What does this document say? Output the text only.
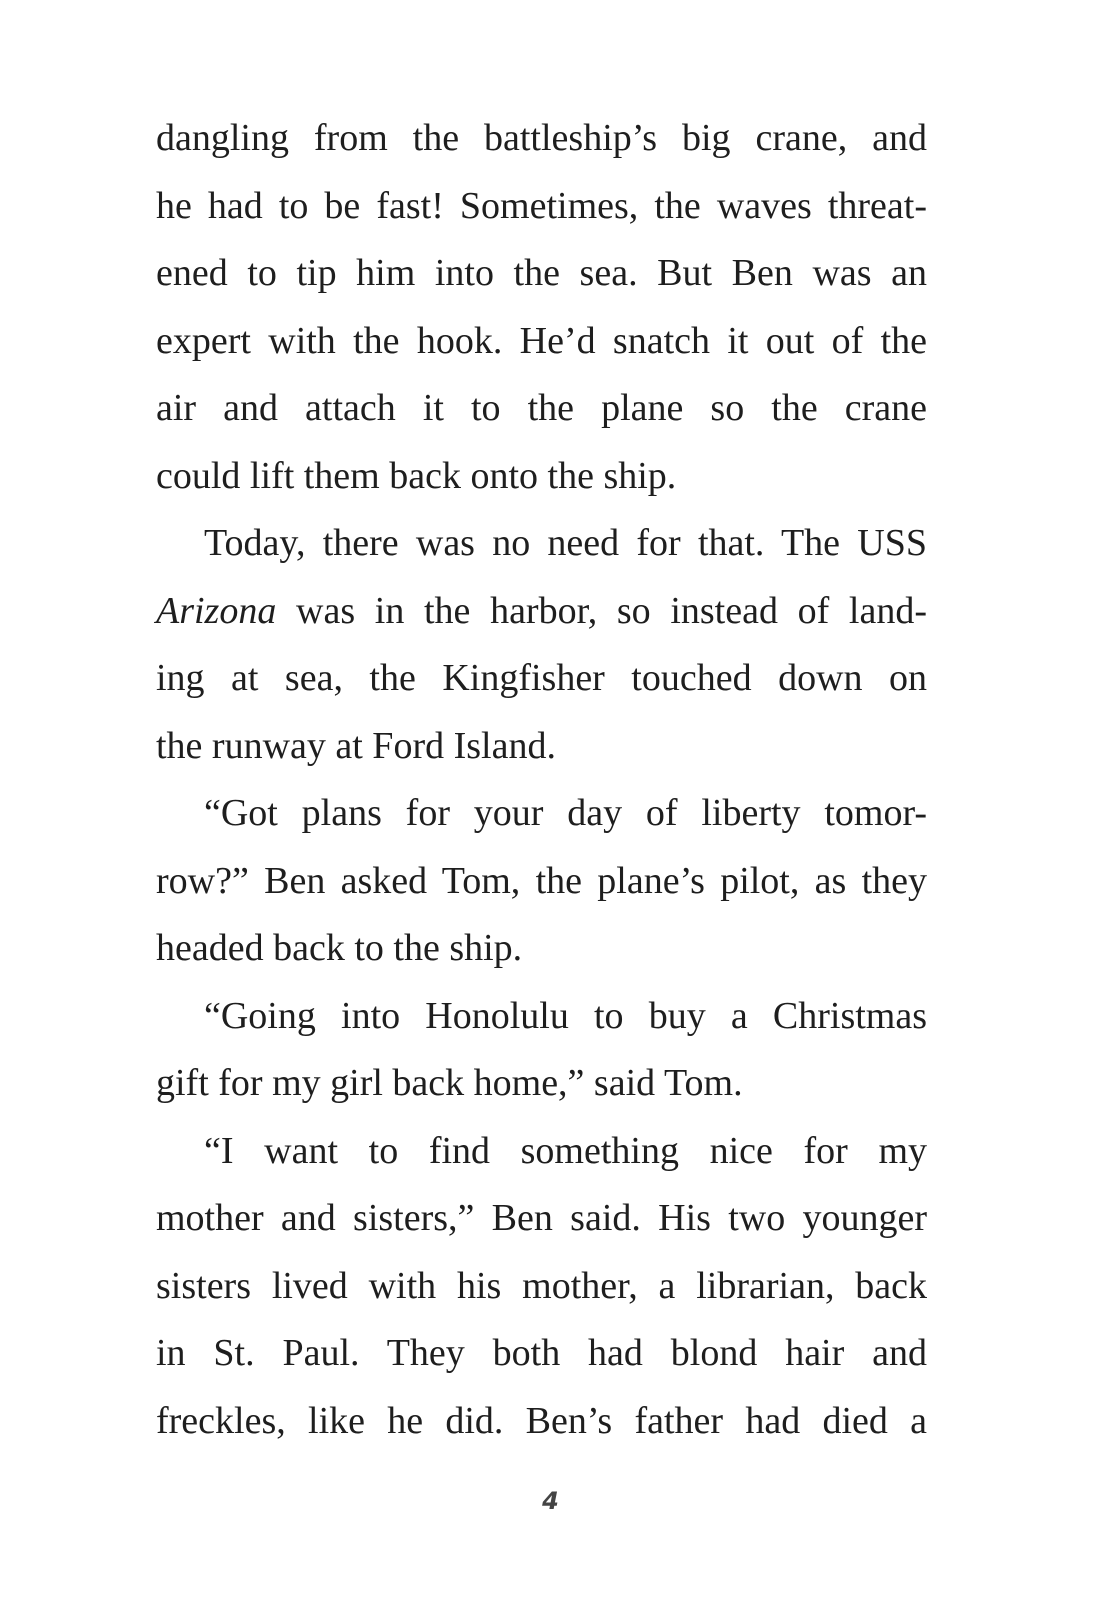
dangling from the battleship’s big crane, and
he had to be fast! Sometimes, the waves threat-
ened to tip him into the sea. But Ben was an
expert with the hook. He’d snatch it out of the
air and attach it to the plane so the crane
could lift them back onto the ship.
Today, there was no need for that. The USS
Arizona was in the harbor, so instead of land-
ing at sea, the Kingfisher touched down on
the runway at Ford Island.
“Got plans for your day of liberty tomor-
row?” Ben asked Tom, the plane’s pilot, as they
headed back to the ship.
“Going into Honolulu to buy a Christmas
gift for my girl back home,” said Tom.
“I want to find something nice for my
mother and sisters,” Ben said. His two younger
sisters lived with his mother, a librarian, back
in St. Paul. They both had blond hair and
freckles, like he did. Ben’s father had died a
4
